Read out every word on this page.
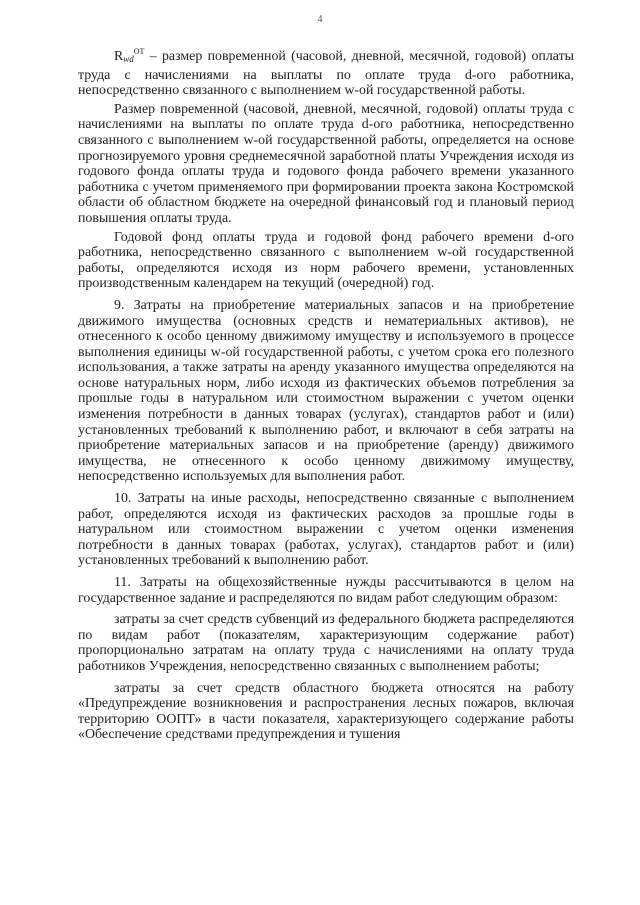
4

$R_{wd}^{ОТ}$ – размер повременной (часовой, дневной, месячной, годовой) оплаты труда с начислениями на выплаты по оплате труда d-ого работника, непосредственно связанного с выполнением w-ой государственной работы.

Размер повременной (часовой, дневной, месячной, годовой) оплаты труда с начислениями на выплаты по оплате труда d-ого работника, непосредственно связанного с выполнением w-ой государственной работы, определяется на основе прогнозируемого уровня среднемесячной заработной платы Учреждения исходя из годового фонда оплаты труда и годового фонда рабочего времени указанного работника с учетом применяемого при формировании проекта закона Костромской области об областном бюджете на очередной финансовый год и плановый период повышения оплаты труда.

Годовой фонд оплаты труда и годовой фонд рабочего времени d-ого работника, непосредственно связанного с выполнением w-ой государственной работы, определяются исходя из норм рабочего времени, установленных производственным календарем на текущий (очередной) год.

9. Затраты на приобретение материальных запасов и на приобретение движимого имущества (основных средств и нематериальных активов), не отнесенного к особо ценному движимому имуществу и используемого в процессе выполнения единицы w-ой государственной работы, с учетом срока его полезного использования, а также затраты на аренду указанного имущества определяются на основе натуральных норм, либо исходя из фактических объемов потребления за прошлые годы в натуральном или стоимостном выражении с учетом оценки изменения потребности в данных товарах (услугах), стандартов работ и (или) установленных требований к выполнению работ, и включают в себя затраты на приобретение материальных запасов и на приобретение (аренду) движимого имущества, не отнесенного к особо ценному движимому имуществу, непосредственно используемых для выполнения работ.

10. Затраты на иные расходы, непосредственно связанные с выполнением работ, определяются исходя из фактических расходов за прошлые годы в натуральном или стоимостном выражении с учетом оценки изменения потребности в данных товарах (работах, услугах), стандартов работ и (или) установленных требований к выполнению работ.

11. Затраты на общехозяйственные нужды рассчитываются в целом на государственное задание и распределяются по видам работ следующим образом:

затраты за счет средств субвенций из федерального бюджета распределяются по видам работ (показателям, характеризующим содержание работ) пропорционально затратам на оплату труда с начислениями на оплату труда работников Учреждения, непосредственно связанных с выполнением работы;

затраты за счет средств областного бюджета относятся на работу «Предупреждение возникновения и распространения лесных пожаров, включая территорию ООПТ» в части показателя, характеризующего содержание работы «Обеспечение средствами предупреждения и тушения
